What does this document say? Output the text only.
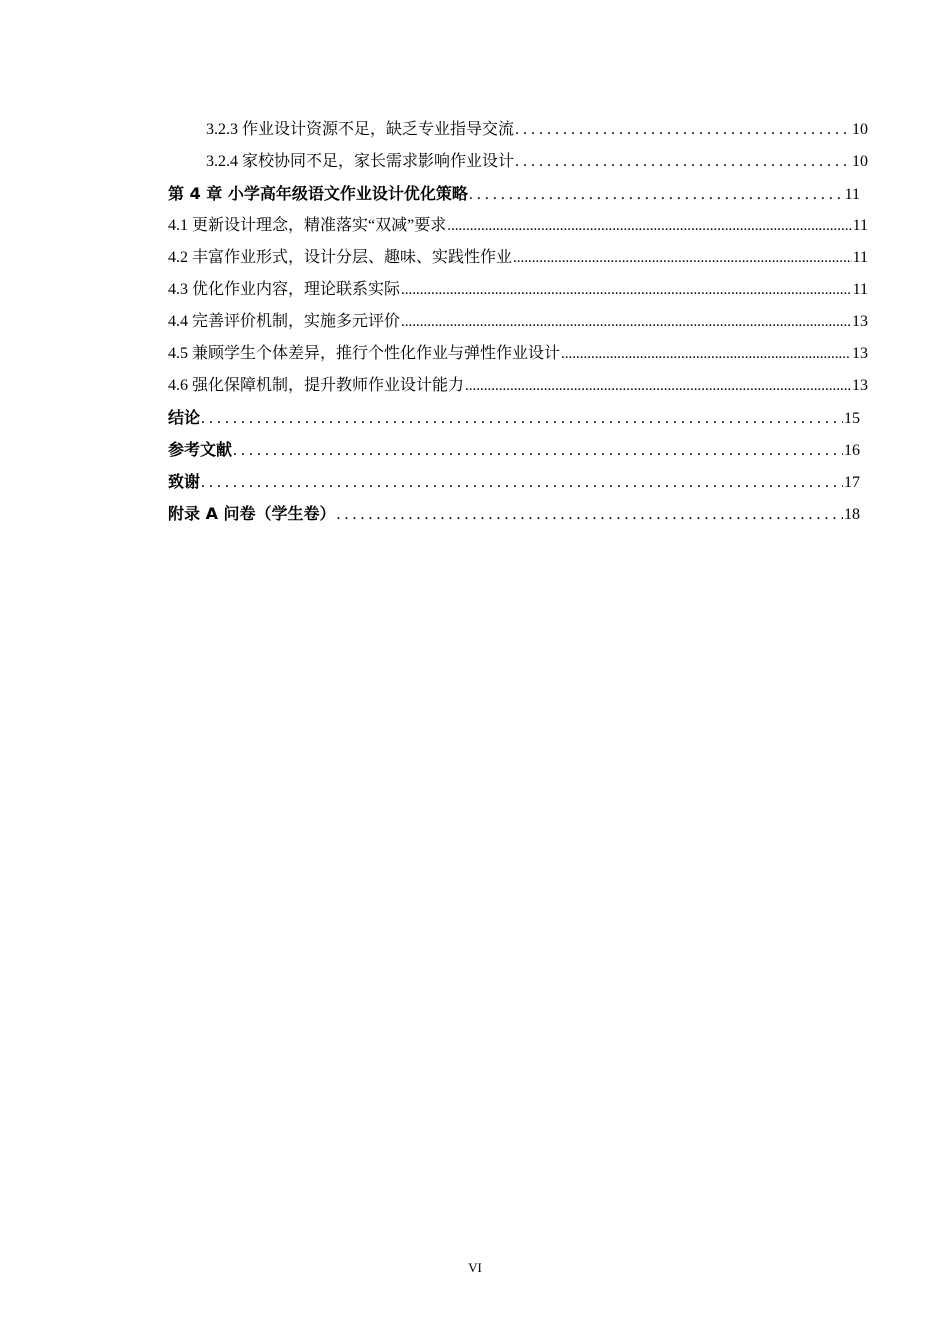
3.2.3 作业设计资源不足，缺乏专业指导交流 . . .	10
3.2.4 家校协同不足，家长需求影响作业设计 . . .	10
第 4 章 小学高年级语文作业设计优化策略 . . .	11
4.1 更新设计理念，精准落实“双减”要求 .....	11
4.2 丰富作业形式，设计分层、趣味、实践性作业 .....	11
4.3 优化作业内容，理论联系实际 .....	11
4.4 完善评价机制，实施多元评价 .....	13
4.5 兼顾学生个体差异，推行个性化作业与弹性作业设计 .....	13
4.6 强化保障机制，提升教师作业设计能力 .....	13
结论 . . .	15
参考文献 . . .	16
致谢 . . .	17
附录 A 问卷（学生卷） . . .	18
VI
